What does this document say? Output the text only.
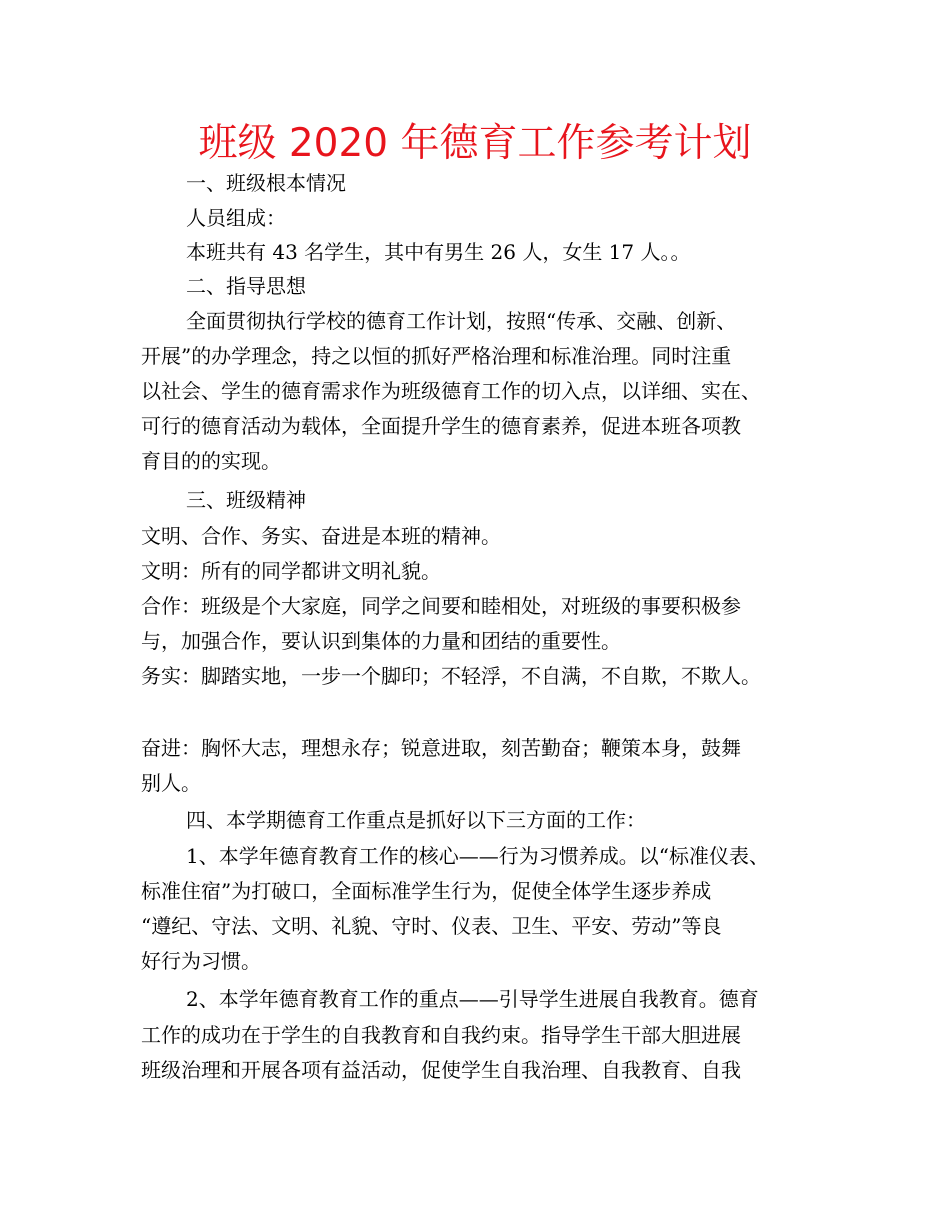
班级 2020 年德育工作参考计划
一、班级根本情况
人员组成：
本班共有 43 名学生，其中有男生 26 人，女生 17 人。。
二、指导思想
全面贯彻执行学校的德育工作计划，按照“传承、交融、创新、
开展”的办学理念，持之以恒的抓好严格治理和标准治理。同时注重
以社会、学生的德育需求作为班级德育工作的切入点，以详细、实在、
可行的德育活动为载体，全面提升学生的德育素养，促进本班各项教
育目的的实现。
三、班级精神
文明、合作、务实、奋进是本班的精神。
文明：所有的同学都讲文明礼貌。
合作：班级是个大家庭，同学之间要和睦相处，对班级的事要积极参
与，加强合作，要认识到集体的力量和团结的重要性。
务实：脚踏实地，一步一个脚印；不轻浮，不自满，不自欺，不欺人。
奋进：胸怀大志，理想永存；锐意进取，刻苦勤奋；鞭策本身，鼓舞
别人。
四、本学期德育工作重点是抓好以下三方面的工作：
1、本学年德育教育工作的核心——行为习惯养成。以“标准仪表、
标准住宿”为打破口，全面标准学生行为，促使全体学生逐步养成
“遵纪、守法、文明、礼貌、守时、仪表、卫生、平安、劳动”等良
好行为习惯。
2、本学年德育教育工作的重点——引导学生进展自我教育。德育
工作的成功在于学生的自我教育和自我约束。指导学生干部大胆进展
班级治理和开展各项有益活动，促使学生自我治理、自我教育、自我
